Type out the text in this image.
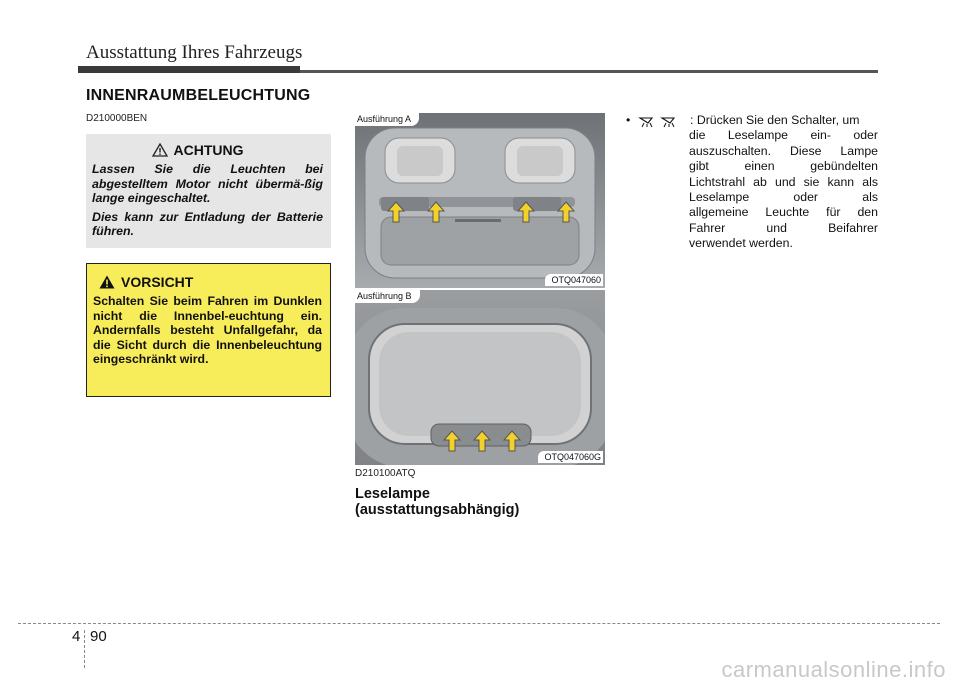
Ausstattung Ihres Fahrzeugs
INNENRAUMBELEUCHTUNG
D210000BEN
ACHTUNG

Lassen Sie die Leuchten bei abgestelltem Motor nicht übermä-ßig lange eingeschaltet.

Dies kann zur Entladung der Batterie führen.

VORSICHT

Schalten Sie beim Fahren im Dunklen nicht die Innenbel-euchtung ein. Andernfalls besteht Unfallgefahr, da die Sicht durch die Innenbeleuchtung eingeschränkt wird.

Ausführung A
OTQ047060
Ausführung B
OTQ047060G
D210100ATQ
Leselampe
(ausstattungsabhängig)
•	: Drücken Sie den Schalter, um
die Leselampe ein- oder
auszuschalten. Diese Lampe
gibt einen gebündelten
Lichtstrahl ab und sie kann als
Leselampe oder als
allgemeine Leuchte für den
Fahrer und Beifahrer
verwendet werden.
4 90
carmanualsonline.info
